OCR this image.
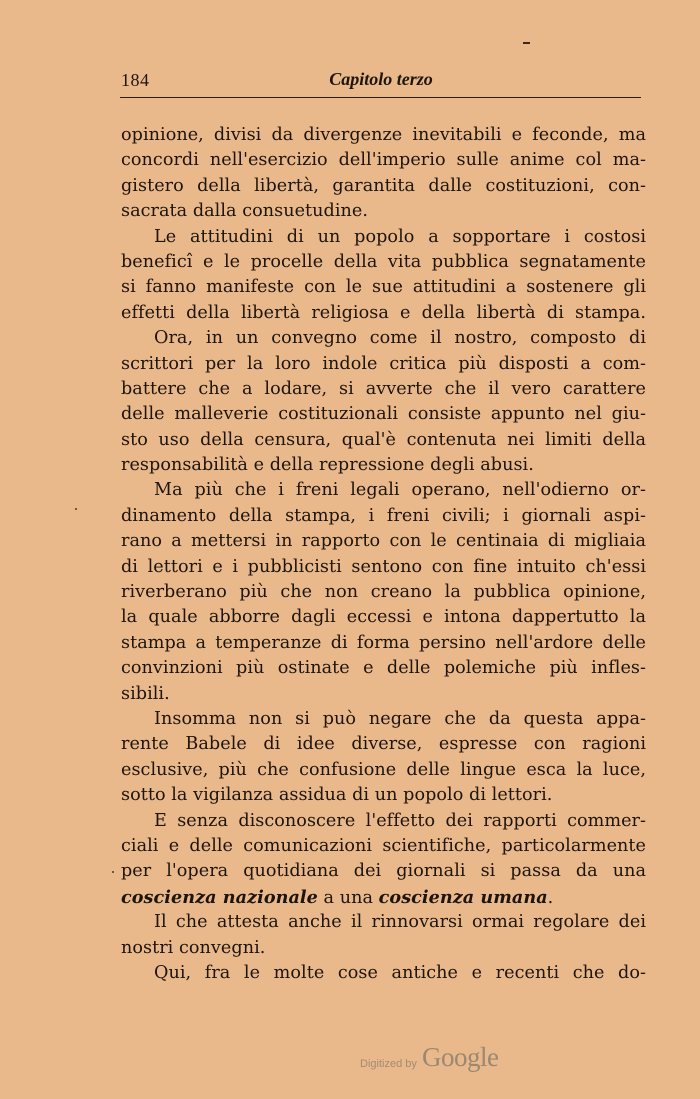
184	Capitolo terzo
opinione, divisi da divergenze inevitabili e feconde, ma
concordi nell'esercizio dell'imperio sulle anime col ma-
gistero della libertà, garantita dalle costituzioni, con-
sacrata dalla consuetudine.
Le attitudini di un popolo a sopportare i costosi
beneficî e le procelle della vita pubblica segnatamente
si fanno manifeste con le sue attitudini a sostenere gli
effetti della libertà religiosa e della libertà di stampa.
Ora, in un convegno come il nostro, composto di
scrittori per la loro indole critica più disposti a com-
battere che a lodare, si avverte che il vero carattere
delle malleverie costituzionali consiste appunto nel giu-
sto uso della censura, qual'è contenuta nei limiti della
responsabilità e della repressione degli abusi.
Ma più che i freni legali operano, nell'odierno or-
dinamento della stampa, i freni civili; i giornali aspi-
rano a mettersi in rapporto con le centinaia di migliaia
di lettori e i pubblicisti sentono con fine intuito ch'essi
riverberano più che non creano la pubblica opinione,
la quale abborre dagli eccessi e intona dappertutto la
stampa a temperanze di forma persino nell'ardore delle
convinzioni più ostinate e delle polemiche più infles-
sibili.
Insomma non si può negare che da questa appa-
rente Babele di idee diverse, espresse con ragioni
esclusive, più che confusione delle lingue esca la luce,
sotto la vigilanza assidua di un popolo di lettori.
E senza disconoscere l'effetto dei rapporti commer-
ciali e delle comunicazioni scientifiche, particolarmente
per l'opera quotidiana dei giornali si passa da una
coscienza nazionale a una coscienza umana.
Il che attesta anche il rinnovarsi ormai regolare dei
nostri convegni.
Qui, fra le molte cose antiche e recenti che do-
Digitized by Google
